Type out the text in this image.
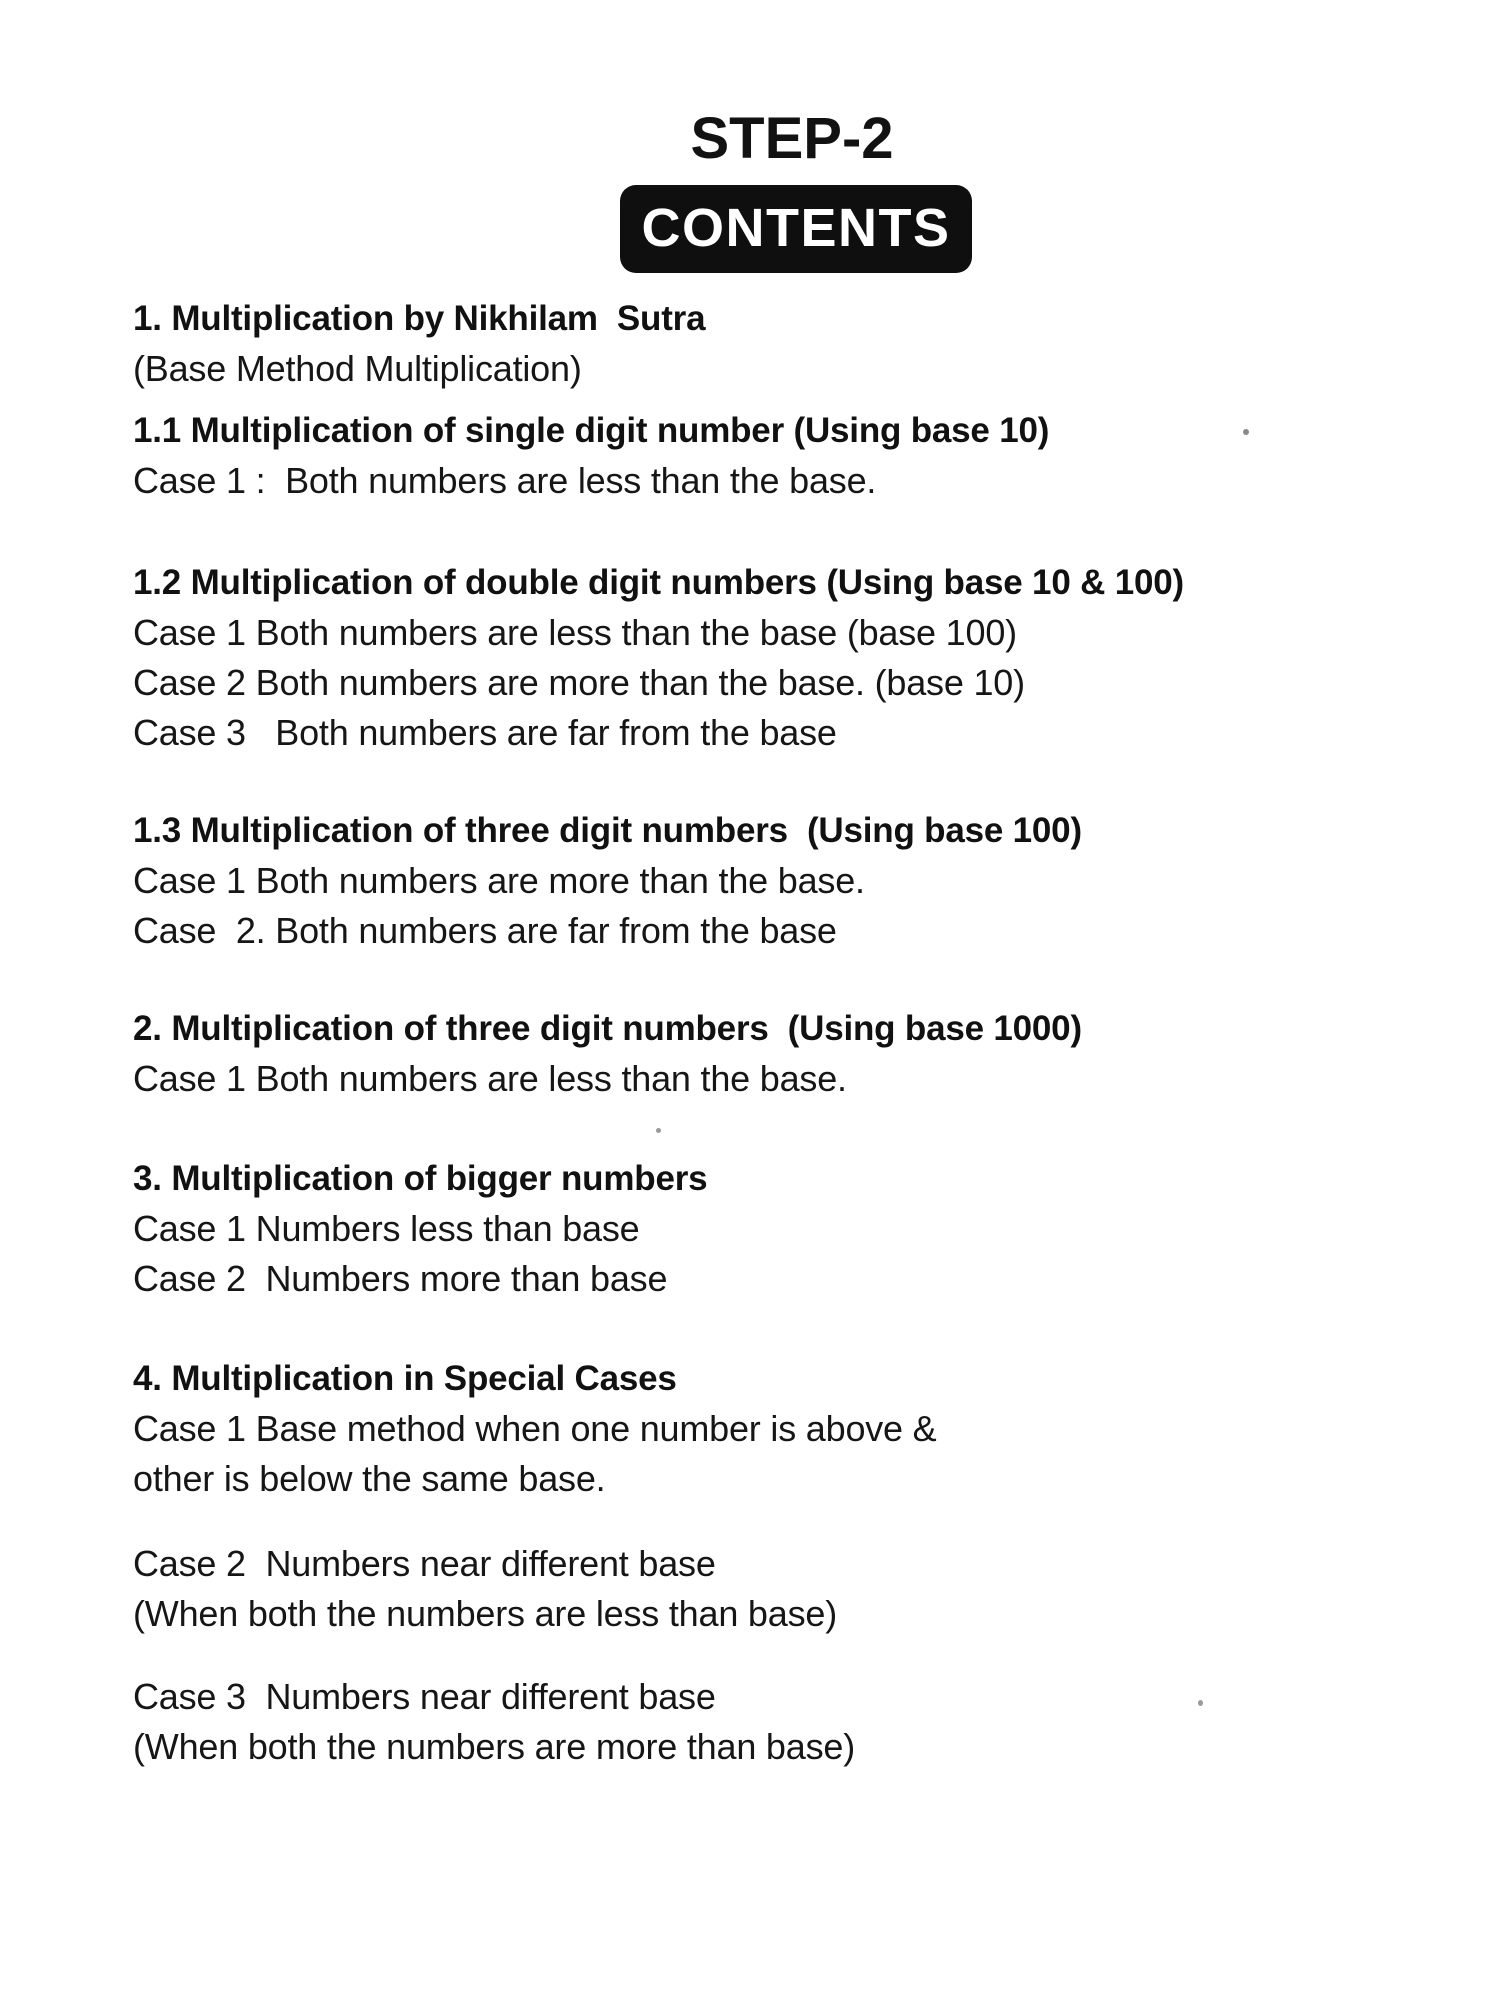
STEP-2
CONTENTS
1. Multiplication by Nikhilam  Sutra
(Base Method Multiplication)
1.1 Multiplication of single digit number (Using base 10)
Case 1 :  Both numbers are less than the base.
1.2 Multiplication of double digit numbers (Using base 10 & 100)
Case 1 Both numbers are less than the base (base 100)
Case 2 Both numbers are more than the base. (base 10)
Case 3   Both numbers are far from the base
1.3 Multiplication of three digit numbers  (Using base 100)
Case 1 Both numbers are more than the base.
Case  2. Both numbers are far from the base
2. Multiplication of three digit numbers  (Using base 1000)
Case 1 Both numbers are less than the base.
3. Multiplication of bigger numbers
Case 1 Numbers less than base
Case 2  Numbers more than base
4. Multiplication in Special Cases
Case 1 Base method when one number is above &
other is below the same base.
Case 2  Numbers near different base
(When both the numbers are less than base)
Case 3  Numbers near different base
(When both the numbers are more than base)
